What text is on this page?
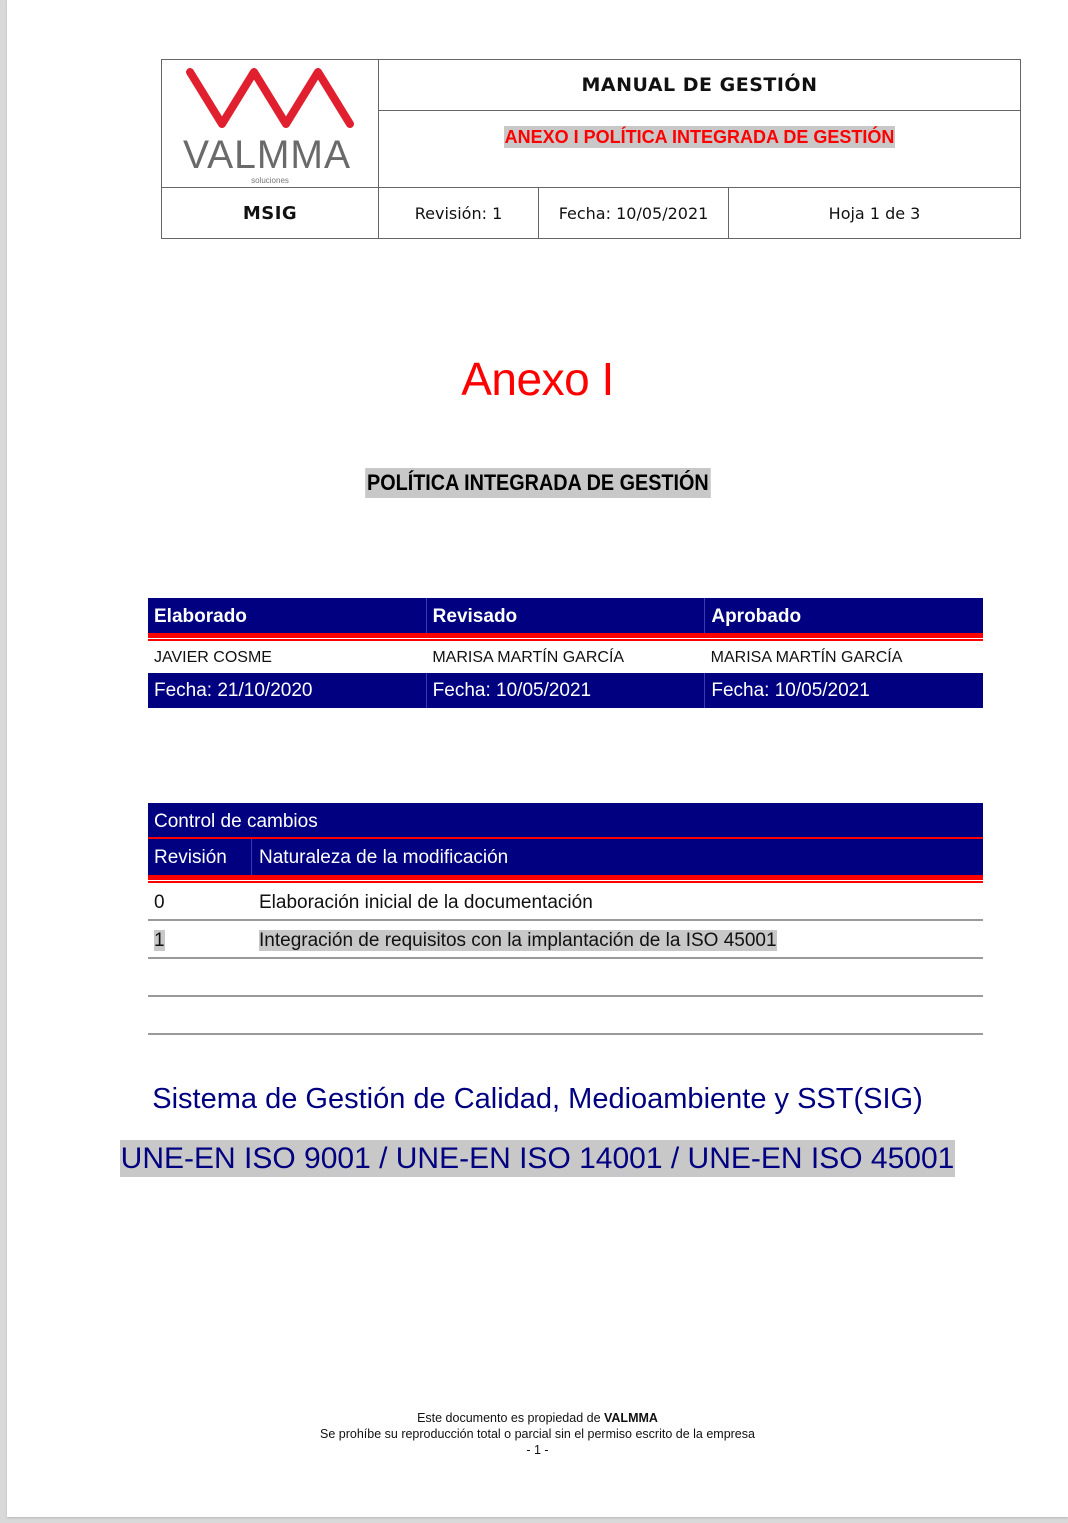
VALMMA
soluciones
MANUAL DE GESTIÓN
ANEXO I POLÍTICA INTEGRADA DE GESTIÓN
MSIG	Revisión: 1	Fecha: 10/05/2021	Hoja 1 de 3
Anexo I
POLÍTICA INTEGRADA DE GESTIÓN
Elaborado	Revisado	Aprobado
JAVIER COSME	MARISA MARTÍN GARCÍA	MARISA MARTÍN GARCÍA
Fecha: 21/10/2020	Fecha: 10/05/2021	Fecha: 10/05/2021
Control de cambios
Revisión	Naturaleza de la modificación
0	Elaboración inicial de la documentación
1	Integración de requisitos con la implantación de la ISO 45001
Sistema de Gestión de Calidad, Medioambiente y SST(SIG)
UNE-EN ISO 9001 / UNE-EN ISO 14001 / UNE-EN ISO 45001
Este documento es propiedad de VALMMA
Se prohíbe su reproducción total o parcial sin el permiso escrito de la empresa
- 1 -
